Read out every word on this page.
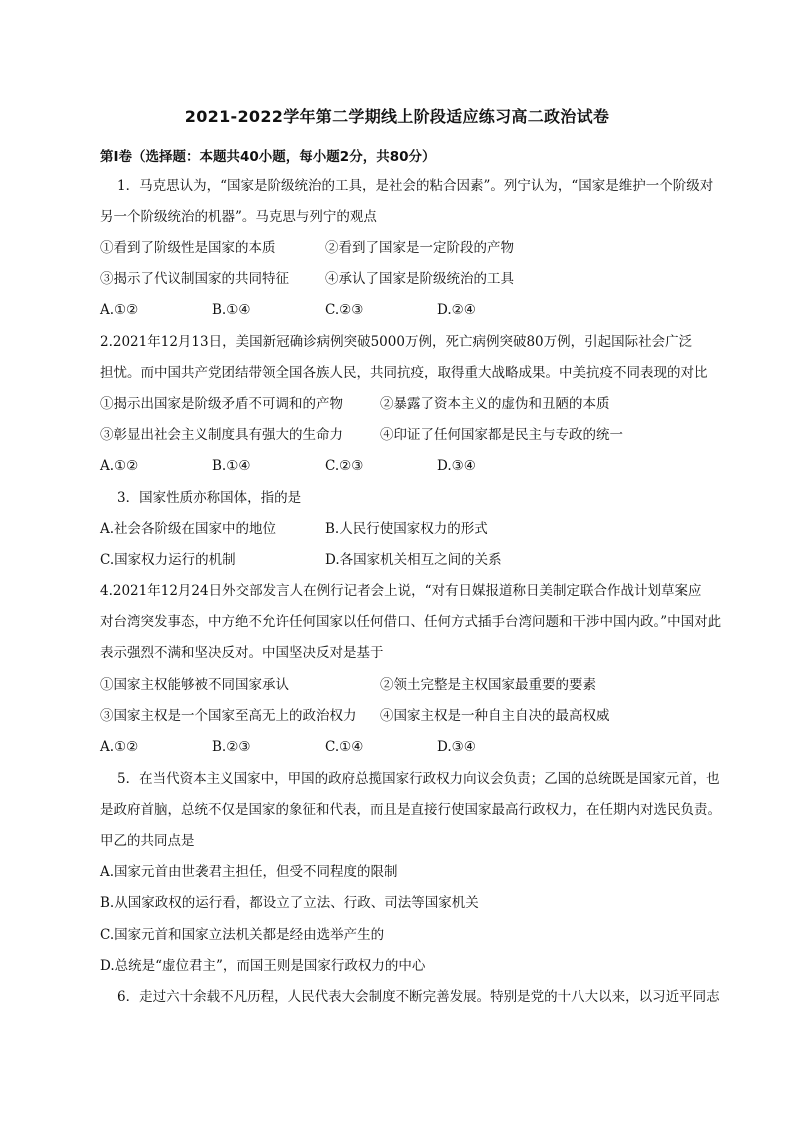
2021-2022学年第二学期线上阶段适应练习高二政治试卷
第Ⅰ卷（选择题：本题共40小题，每小题2分，共80分）
1．马克思认为，“国家是阶级统治的工具，是社会的粘合因素”。列宁认为，“国家是维护一个阶级对
另一个阶级统治的机器”。马克思与列宁的观点
①看到了阶级性是国家的本质	②看到了国家是一定阶段的产物
③揭示了代议制国家的共同特征	④承认了国家是阶级统治的工具
A.①②	B.①④	C.②③	D.②④
2.2021年12月13日，美国新冠确诊病例突破5000万例，死亡病例突破80万例，引起国际社会广泛
担忧。而中国共产党团结带领全国各族人民，共同抗疫，取得重大战略成果。中美抗疫不同表现的对比
①揭示出国家是阶级矛盾不可调和的产物	②暴露了资本主义的虚伪和丑陋的本质
③彰显出社会主义制度具有强大的生命力	④印证了任何国家都是民主与专政的统一
A.①②	B.①④	C.②③	D.③④
3．国家性质亦称国体，指的是
A.社会各阶级在国家中的地位	B.人民行使国家权力的形式
C.国家权力运行的机制	D.各国家机关相互之间的关系
4.2021年12月24日外交部发言人在例行记者会上说，“对有日媒报道称日美制定联合作战计划草案应
对台湾突发事态，中方绝不允许任何国家以任何借口、任何方式插手台湾问题和干涉中国内政。”中国对此
表示强烈不满和坚决反对。中国坚决反对是基于
①国家主权能够被不同国家承认	②领土完整是主权国家最重要的要素
③国家主权是一个国家至高无上的政治权力 ④国家主权是一种自主自决的最高权威
A.①②	B.②③	C.①④	D.③④
5．在当代资本主义国家中，甲国的政府总揽国家行政权力向议会负责；乙国的总统既是国家元首，也
是政府首脑，总统不仅是国家的象征和代表，而且是直接行使国家最高行政权力，在任期内对选民负责。
甲乙的共同点是
A.国家元首由世袭君主担任，但受不同程度的限制
B.从国家政权的运行看，都设立了立法、行政、司法等国家机关
C.国家元首和国家立法机关都是经由选举产生的
D.总统是“虚位君主”，而国王则是国家行政权力的中心
6．走过六十余载不凡历程，人民代表大会制度不断完善发展。特别是党的十八大以来，以习近平同志
